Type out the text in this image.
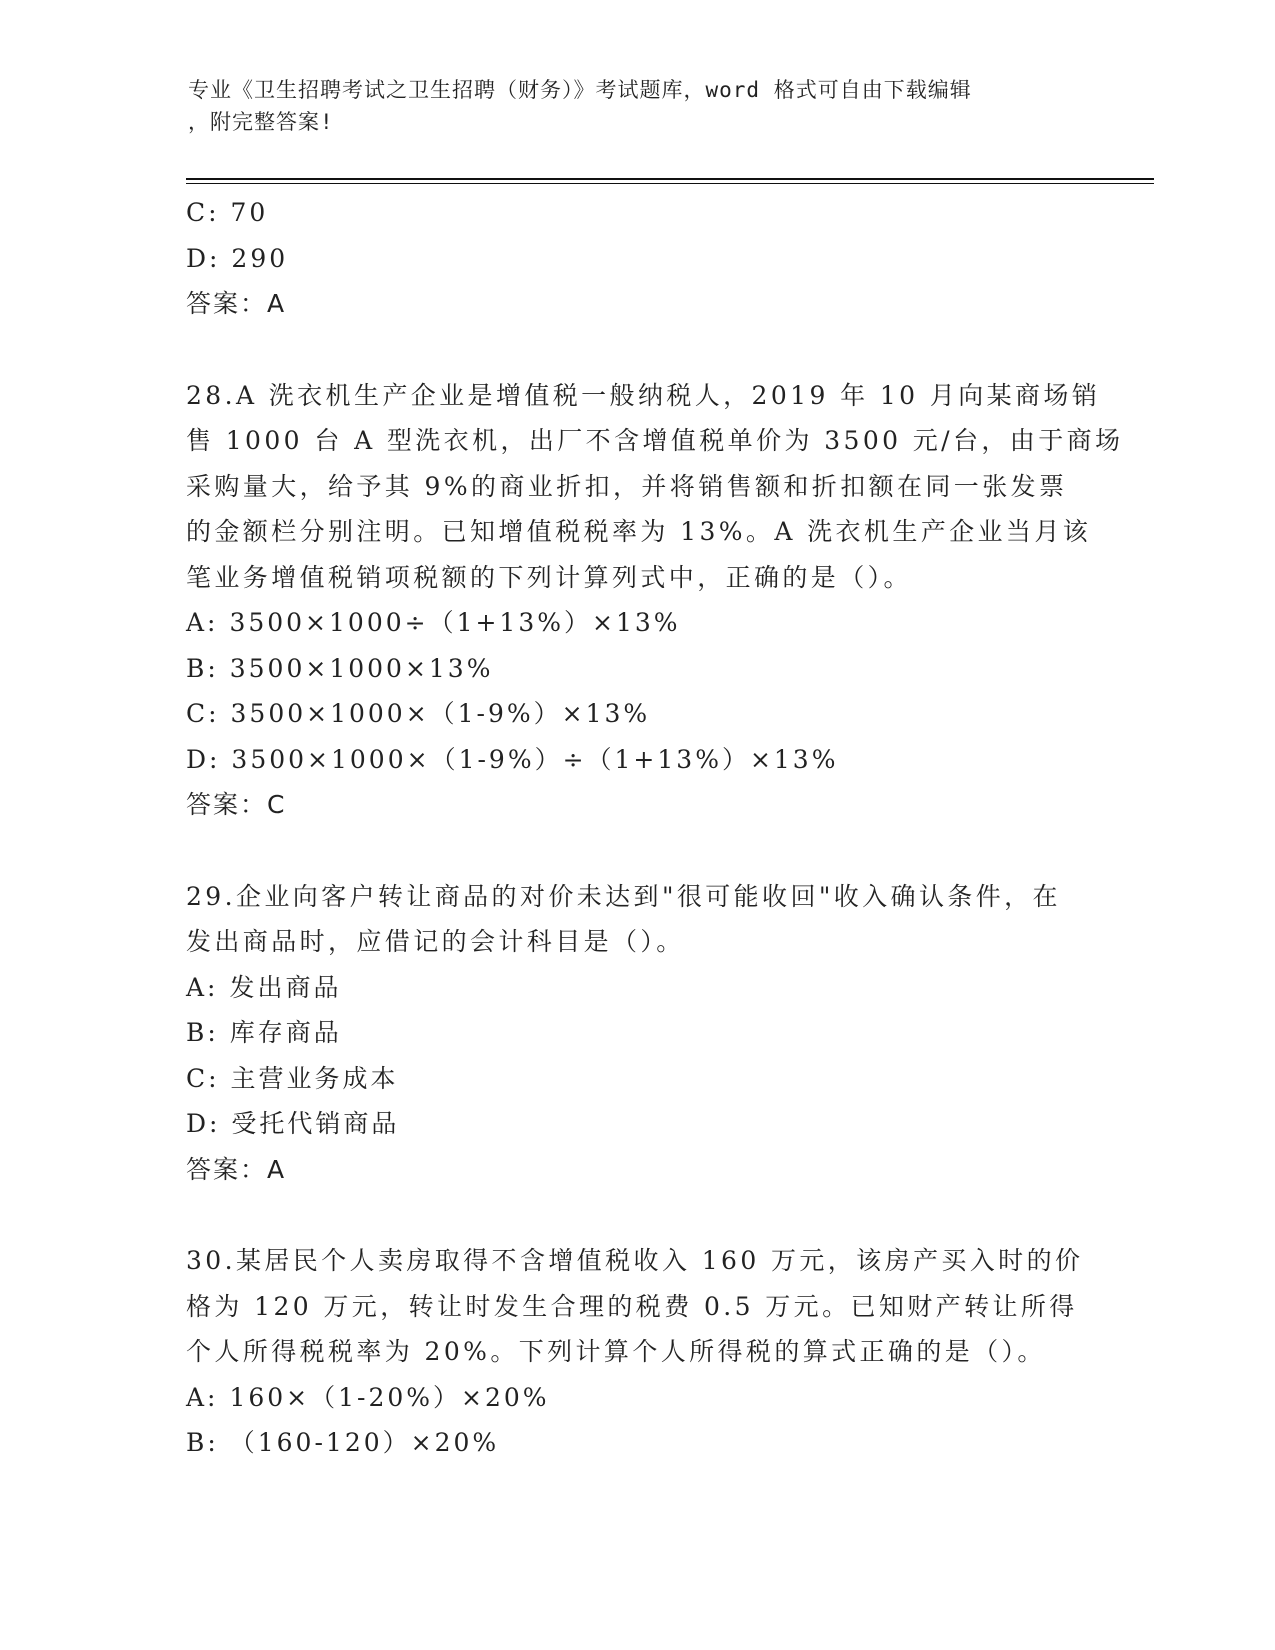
专业《卫生招聘考试之卫生招聘（财务）》考试题库，word 格式可自由下载编辑
，附完整答案!
C: 70
D: 290
答案：A
28.A 洗衣机生产企业是增值税一般纳税人，2019 年 10 月向某商场销
售 1000 台 A 型洗衣机，出厂不含增值税单价为 3500 元/台，由于商场
采购量大，给予其 9%的商业折扣，并将销售额和折扣额在同一张发票
的金额栏分别注明。已知增值税税率为 13%。A 洗衣机生产企业当月该
笔业务增值税销项税额的下列计算列式中，正确的是（）。
A: 3500×1000÷（1+13%）×13%
B: 3500×1000×13%
C: 3500×1000×（1-9%）×13%
D: 3500×1000×（1-9%）÷（1+13%）×13%
答案：C
29.企业向客户转让商品的对价未达到"很可能收回"收入确认条件，在
发出商品时，应借记的会计科目是（）。
A: 发出商品
B: 库存商品
C: 主营业务成本
D: 受托代销商品
答案：A
30.某居民个人卖房取得不含增值税收入 160 万元，该房产买入时的价
格为 120 万元，转让时发生合理的税费 0.5 万元。已知财产转让所得
个人所得税税率为 20%。下列计算个人所得税的算式正确的是（）。
A: 160×（1-20%）×20%
B: （160-120）×20%
